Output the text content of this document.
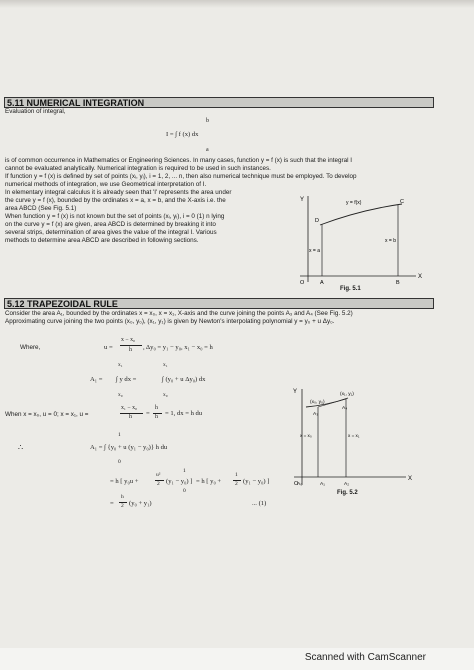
5.11 NUMERICAL INTEGRATION
Evaluation of integral,
b
I = ∫ f (x) dx
a
is of common occurrence in Mathematics or Engineering Sciences. In many cases, function y = f (x) is such that the integral I
cannot be evaluated analytically. Numerical integration is required to be used in such instances.
If function y = f (x) is defined by set of points (xᵢ, yᵢ), i = 1, 2, ... n, then also numerical technique must be employed. To develop
numerical methods of integration, we use Geometrical interpretation of I.
In elementary integral calculus it is already seen that 'I' represents the area under
the curve y = f (x), bounded by the ordinates x = a, x = b, and the X-axis i.e. the
area ABCD (See Fig. 5.1)
When function y = f (x) is not known but the set of points (xᵢ, yᵢ), i = 0 (1) n lying
on the curve y = f (x) are given, area ABCD is determined by breaking it into
several strips, determination of area gives the value of the integral I. Various
methods to determine area ABCD are described in following sections.
Y
X
O	A	B
C
D
y = f(x)
x = a
x = b
Fig. 5.1
5.12 TRAPEZOIDAL RULE
Consider the area A₁, bounded by the ordinates x = x₀, x = x₁, X-axis and the curve joining the points A₃ and A₄ (See Fig. 5.2)
Approximating curve joining the two points (x₀, y₀), (x₁, y₁) is given by Newton's interpolating polynomial y = y₀ + u Δy₀.
Where,	u =
x − x₀
h , Δy₀ = y₁ − y₀, x₁ − x₀ = h
x₁	x₁
A₁ = ∫ y dx =	∫ (y₀ + u Δy₀) dx
x₀	x₀
When x = x₀, u = 0; x = x₁, u =
x₁ − x₀
h =
h
h = 1, dx = h du
1
∴	A₁ = ∫ {y₀ + u (y₁ − y₀)} h du
0
1
= h [ y₀u +
u²
2 (y₁ − y₀) ]
0
= h [ y₀ +
1
2 (y₁ − y₀) ]
=
h
2 (y₀ + y₁)	... (1)
Y
X
O
(x₀, y₀)
(x₁, y₁)
A₃
A₄
x = x₀	x = x₁
A₀	A₁	A₂
Fig. 5.2
Scanned with CamScanner
